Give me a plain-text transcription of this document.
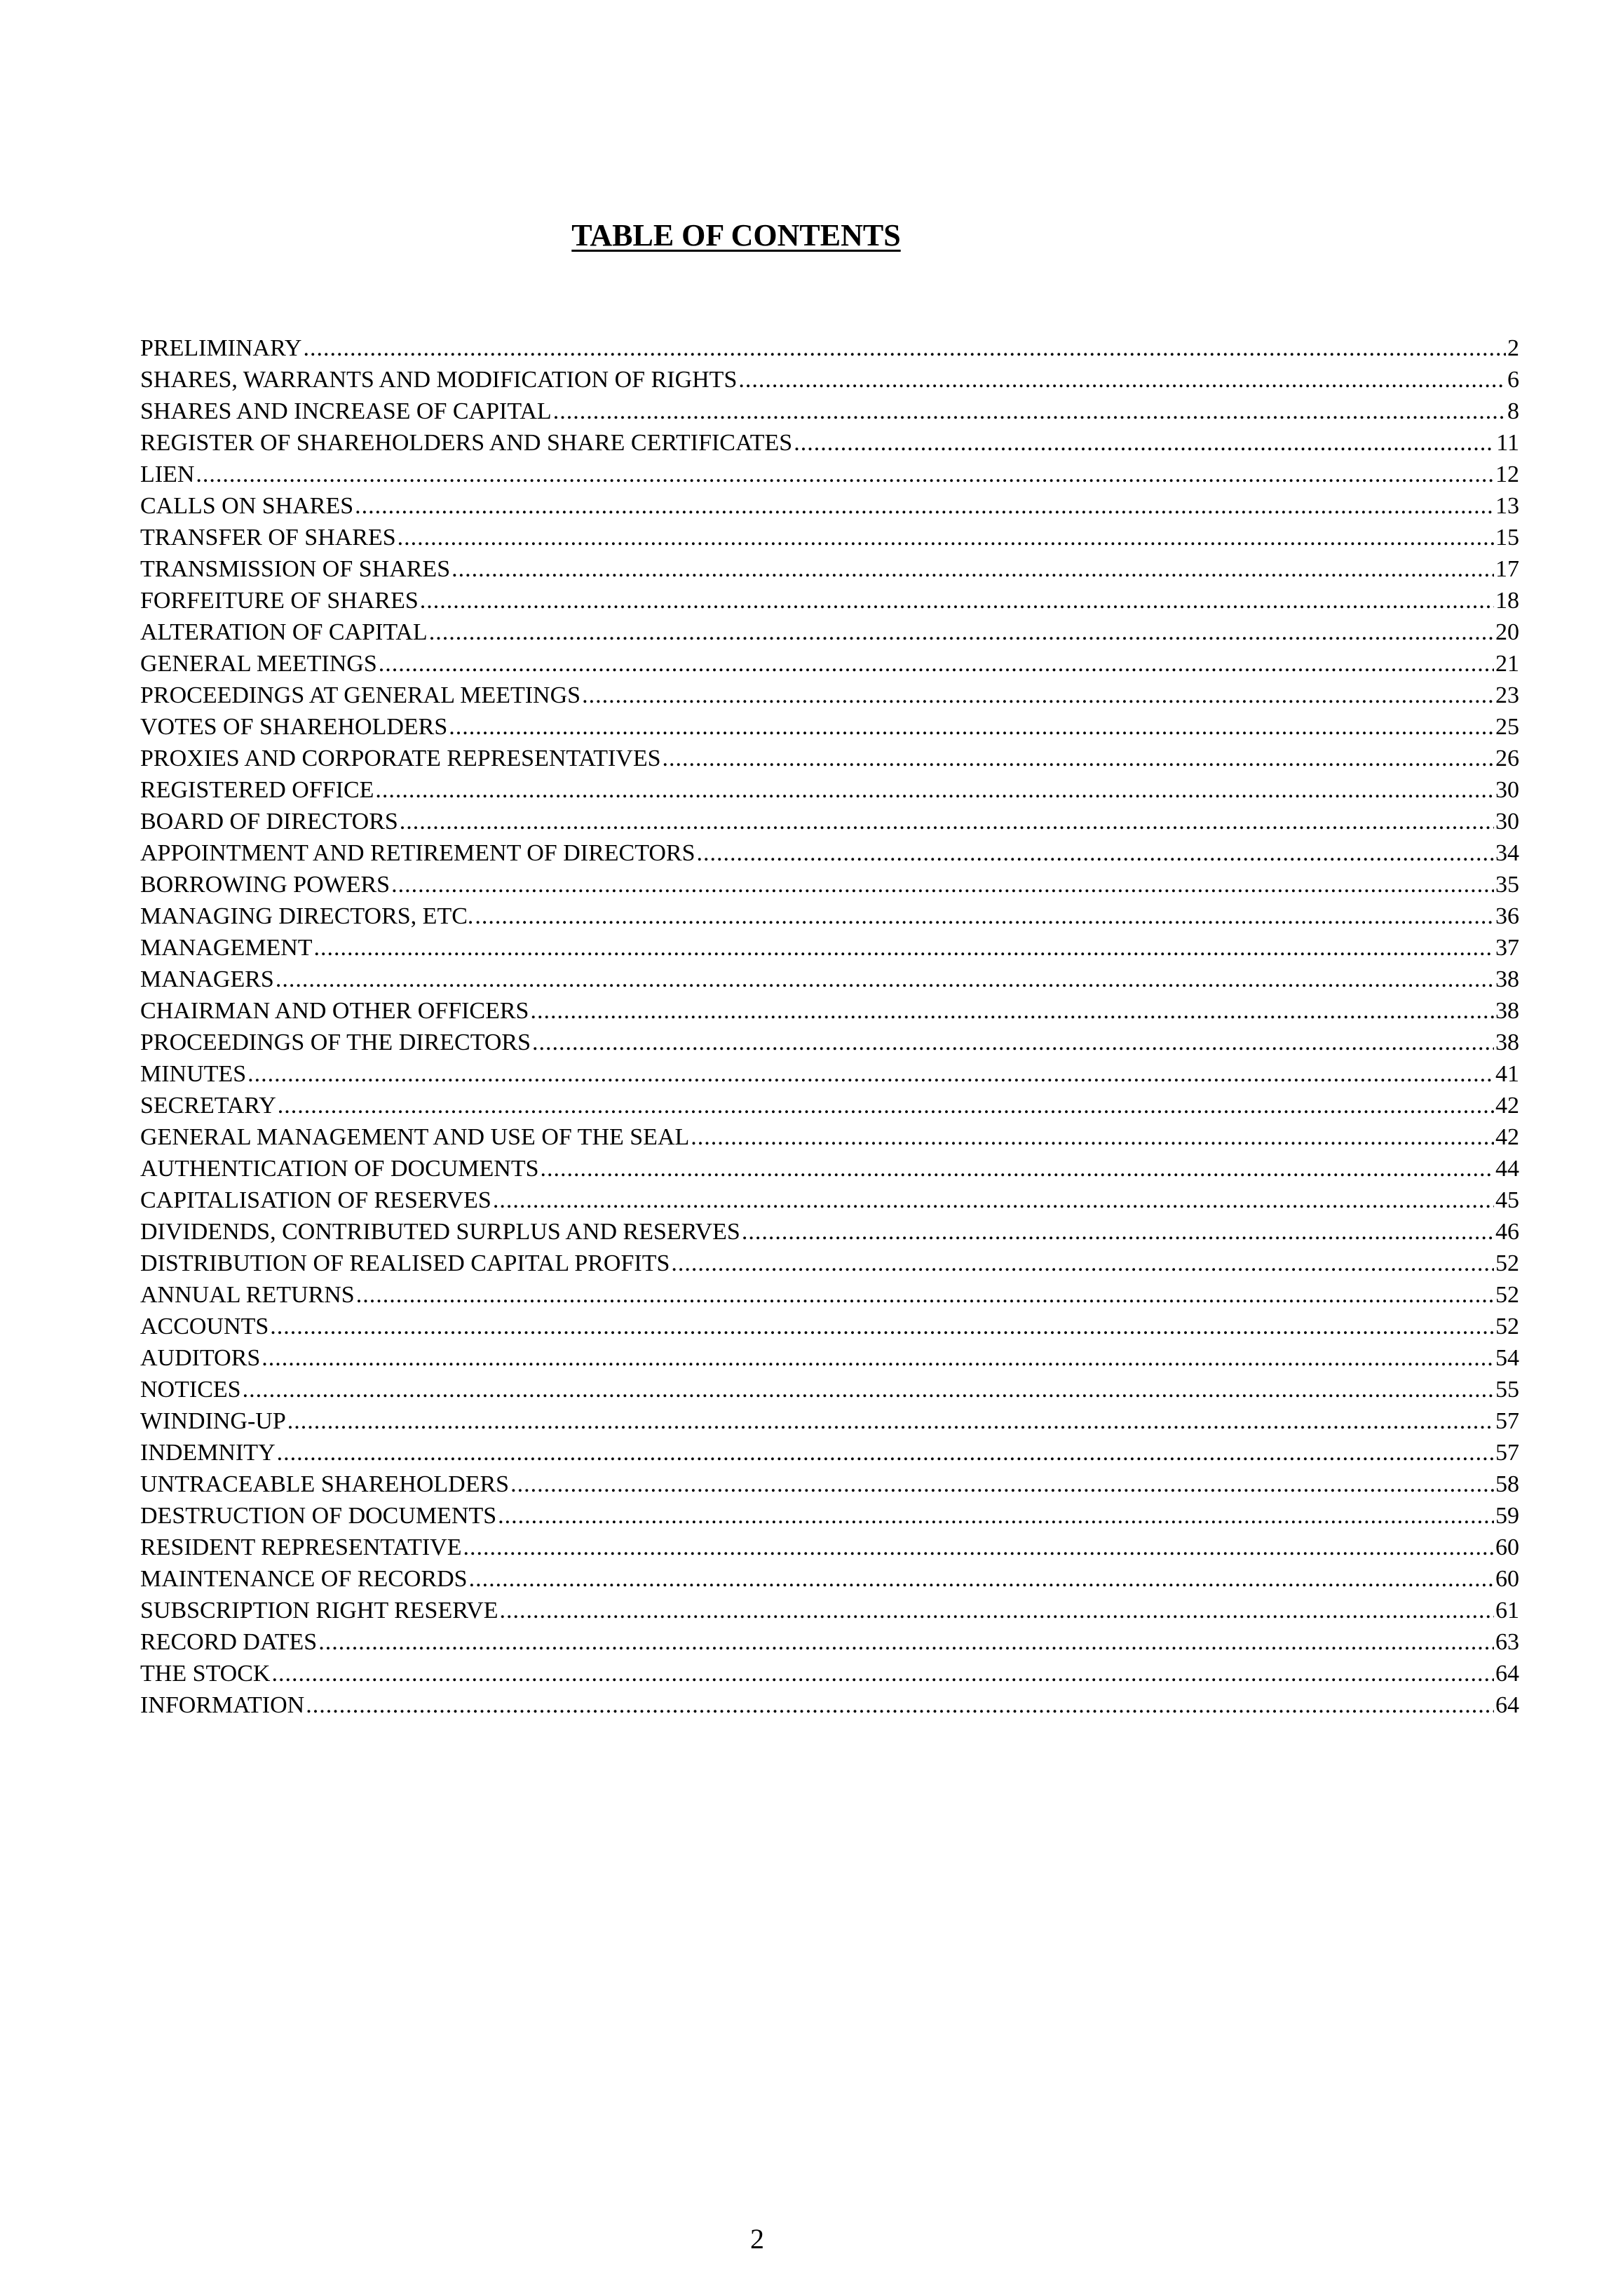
TABLE OF CONTENTS
PRELIMINARY .....	2
SHARES, WARRANTS AND MODIFICATION OF RIGHTS .....	6
SHARES AND INCREASE OF CAPITAL .....	8
REGISTER OF SHAREHOLDERS AND SHARE CERTIFICATES .....	11
LIEN .....	12
CALLS ON SHARES .....	13
TRANSFER OF SHARES .....	15
TRANSMISSION OF SHARES .....	17
FORFEITURE OF SHARES .....	18
ALTERATION OF CAPITAL .....	20
GENERAL MEETINGS .....	21
PROCEEDINGS AT GENERAL MEETINGS .....	23
VOTES OF SHAREHOLDERS .....	25
PROXIES AND CORPORATE REPRESENTATIVES .....	26
REGISTERED OFFICE .....	30
BOARD OF DIRECTORS .....	30
APPOINTMENT AND RETIREMENT OF DIRECTORS .....	34
BORROWING POWERS .....	35
MANAGING DIRECTORS, ETC. .....	36
MANAGEMENT .....	37
MANAGERS .....	38
CHAIRMAN AND OTHER OFFICERS .....	38
PROCEEDINGS OF THE DIRECTORS .....	38
MINUTES .....	41
SECRETARY .....	42
GENERAL MANAGEMENT AND USE OF THE SEAL .....	42
AUTHENTICATION OF DOCUMENTS .....	44
CAPITALISATION OF RESERVES .....	45
DIVIDENDS, CONTRIBUTED SURPLUS AND RESERVES .....	46
DISTRIBUTION OF REALISED CAPITAL PROFITS .....	52
ANNUAL RETURNS .....	52
ACCOUNTS .....	52
AUDITORS .....	54
NOTICES .....	55
WINDING-UP .....	57
INDEMNITY .....	57
UNTRACEABLE SHAREHOLDERS .....	58
DESTRUCTION OF DOCUMENTS .....	59
RESIDENT REPRESENTATIVE .....	60
MAINTENANCE OF RECORDS .....	60
SUBSCRIPTION RIGHT RESERVE .....	61
RECORD DATES .....	63
THE STOCK .....	64
INFORMATION .....	64
2
